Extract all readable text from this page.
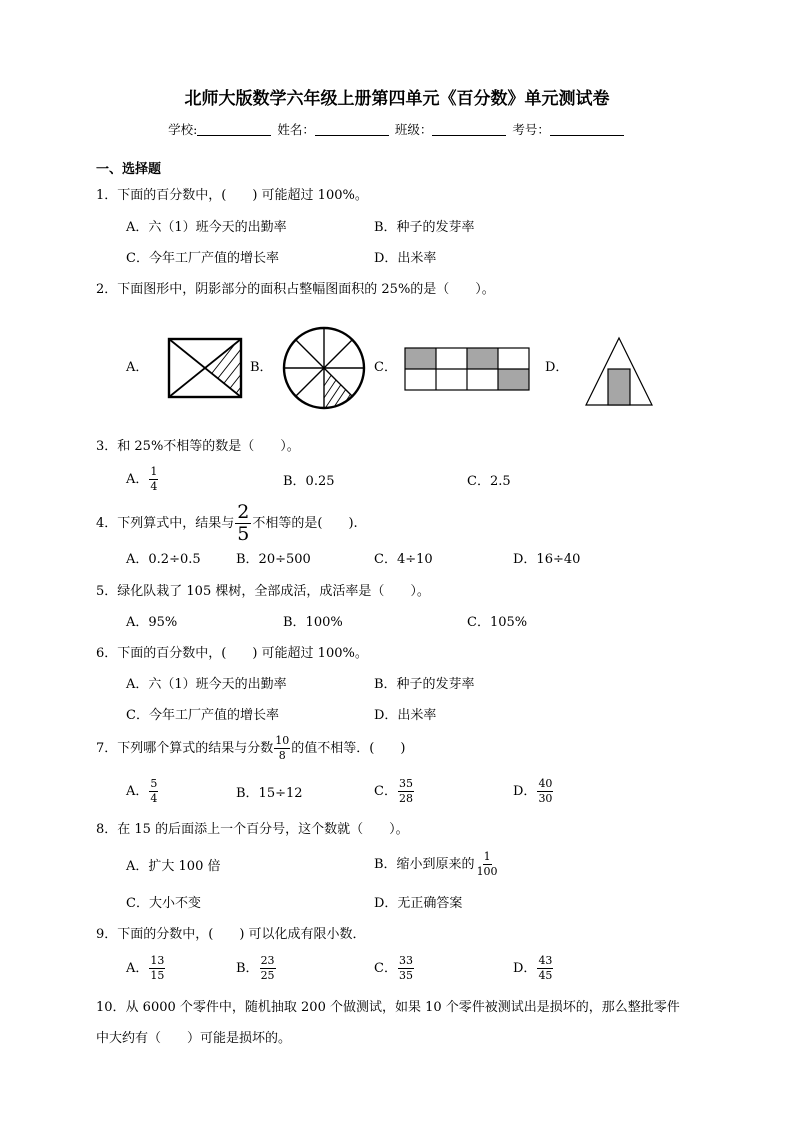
北师大版数学六年级上册第四单元《百分数》单元测试卷
学校:	姓名：	班级：	考号：
一、选择题
1．下面的百分数中，(　　) 可能超过 100%。
A．六（1）班今天的出勤率	B．种子的发芽率
C．今年工厂产值的增长率	D．出米率
2．下面图形中，阴影部分的面积占整幅图面积的 25%的是（　　）。
A．	B．	C．	D．
3．和 25%不相等的数是（　　）。
A． $\frac{1}{4}$	B．0.25	C．2.5
4．下列算式中，结果与 $\frac{2}{5}$ 不相等的是(　　).
A．0.2÷0.5	B．20÷500	C．4÷10	D．16÷40
5．绿化队栽了 105 棵树，全部成活，成活率是（　　）。
A．95%	B．100%	C．105%
6．下面的百分数中，(　　) 可能超过 100%。
A．六（1）班今天的出勤率	B．种子的发芽率
C．今年工厂产值的增长率	D．出米率
7．下列哪个算式的结果与分数 $\frac{10}{8}$ 的值不相等．(　　)
A． $\frac{5}{4}$	B．15÷12	C． $\frac{35}{28}$	D． $\frac{40}{30}$
8．在 15 的后面添上一个百分号，这个数就（　　）。
A．扩大 100 倍	B．缩小到原来的 $\frac{1}{100}$
C．大小不变	D．无正确答案
9．下面的分数中，(　　) 可以化成有限小数．
A． $\frac{13}{15}$	B． $\frac{23}{25}$	C． $\frac{33}{35}$	D． $\frac{43}{45}$
10．从 6000 个零件中，随机抽取 200 个做测试，如果 10 个零件被测试出是损坏的，那么整批零件
中大约有（　　）可能是损坏的。
